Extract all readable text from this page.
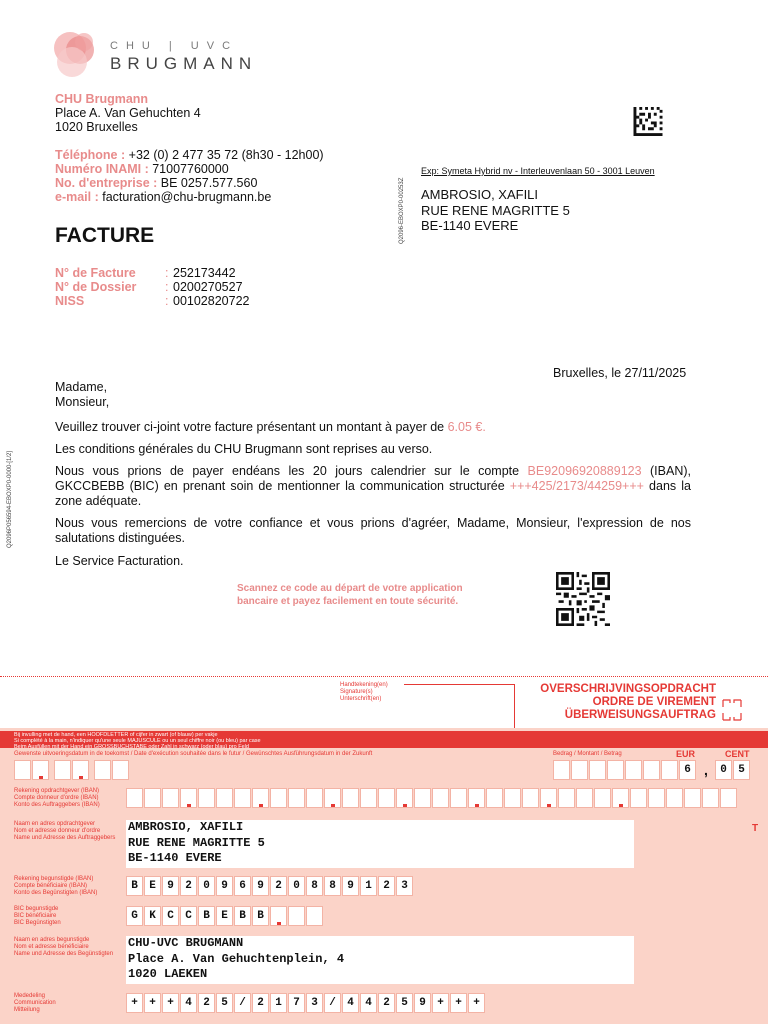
CHU | UVC
BRUGMANN
CHU Brugmann
Place A. Van Gehuchten 4
1020 Bruxelles
Téléphone : +32 (0) 2 477 35 72 (8h30 - 12h00)
Numéro INAMI : 71007760000
No. d'entreprise : BE 0257.577.560
e-mail : facturation@chu-brugmann.be
FACTURE
N° de Facture	: 252173442
N° de Dossier	: 0200270527
NISS	: 00102820722
Q2096-EBOXP0-00253Z
Q2096P056594-EBOXP0-0000-[1/2]
Exp: Symeta Hybrid nv - Interleuvenlaan 50 - 3001 Leuven
AMBROSIO, XAFILI
RUE RENE MAGRITTE 5
BE-1140 EVERE
Bruxelles, le 27/11/2025
Madame,
Monsieur,

Veuillez trouver ci-joint votre facture présentant un montant à payer de 6.05 €.

Les conditions générales du CHU Brugmann sont reprises au verso.

Nous vous prions de payer endéans les 20 jours calendrier sur le compte BE92096920889123 (IBAN), GKCCBEBB (BIC) en prenant soin de mentionner la communication structurée +++425/2173/44259+++ dans la zone adéquate.

Nous vous remercions de votre confiance et vous prions d'agréer, Madame, Monsieur, l'expression de nos salutations distinguées.

Le Service Facturation.
Scannez ce code au départ de votre application
bancaire et payez facilement en toute sécurité.
Handtekening(en)
Signature(s)
Unterschrift(en)
OVERSCHRIJVINGSOPDRACHT
ORDRE DE VIREMENT
ÜBERWEISUNGSAUFTRAG
Bij invulling met de hand, een HOOFDLETTER of cijfer in zwart (of blauw) per vakje
Si complété à la main, n'indiquer qu'une seule MAJUSCULE ou un seul chiffre noir (ou bleu) par case
Beim Ausfüllen mit der Hand ein GROSSBUCHSTABE oder Zahl in schwarz (oder blau) pro Feld
Gewenste uitvoeringsdatum in de toekomst / Date d'exécution souhaitée dans le futur / Gewünschtes Ausführungsdatum in der Zukunft	Bedrag / Montant / Betrag	EUR	CENT
6 ,	0	5
Rekening opdrachtgever (IBAN)
Compte donneur d'ordre (IBAN)
Konto des Auftraggebers (IBAN)
Naam en adres opdrachtgever
Nom et adresse donneur d'ordre
Name und Adresse des Auftraggebers
AMBROSIO, XAFILI
RUE RENE MAGRITTE 5
BE-1140 EVERE
T
Rekening begunstigde (IBAN)
Compte bénéficiaire (IBAN)
Konto des Begünstigten (IBAN)
B	E	9	2	0	9	6	9	2	0	8	8	9	1	2	3
BIC begunstigde
BIC bénéficiaire
BIC Begünstigten
G	K	C	C	B	E	B	B
Naam en adres begunstigde
Nom et adresse bénéficiaire
Name und Adresse des Begünstigten
CHU-UVC BRUGMANN
Place A. Van Gehuchtenplein, 4
1020 LAEKEN
Mededeling
Communication
Mitteilung
+	+	+	4	2	5	/	2	1	7	3	/	4	4	2	5	9	+	+	+
